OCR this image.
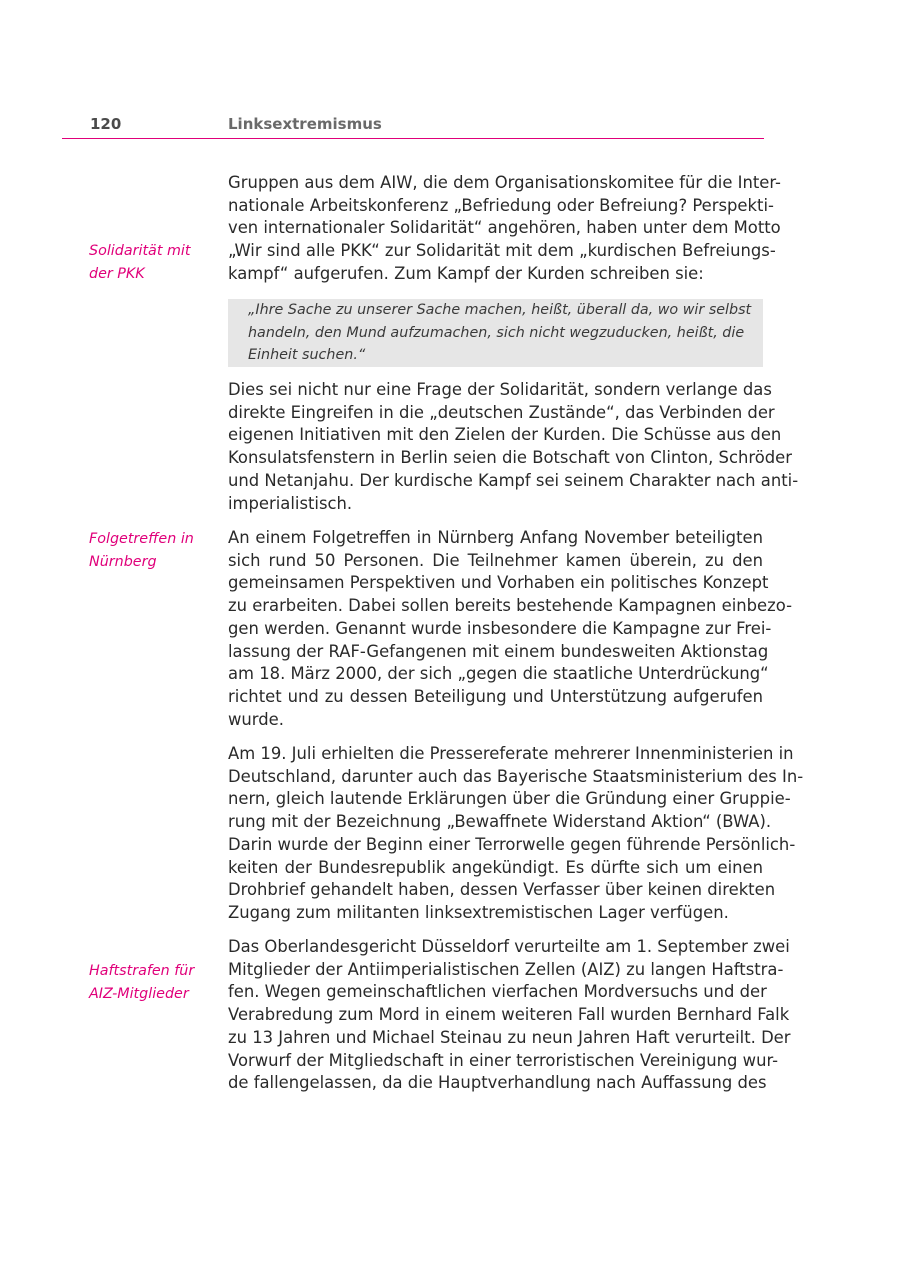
120	Linksextremismus

Gruppen aus dem AIW, die dem Organisationskomitee für die Inter-
nationale Arbeitskonferenz „Befriedung oder Befreiung? Perspekti-
ven internationaler Solidarität“ angehören, haben unter dem Motto
„Wir sind alle PKK“ zur Solidarität mit dem „kurdischen Befreiungs-
kampf“ aufgerufen. Zum Kampf der Kurden schreiben sie:

Solidarität mit
der PKK

„Ihre Sache zu unserer Sache machen, heißt, überall da, wo wir selbst
handeln, den Mund aufzumachen, sich nicht wegzuducken, heißt, die
Einheit suchen.“

Dies sei nicht nur eine Frage der Solidarität, sondern verlange das
direkte Eingreifen in die „deutschen Zustände“, das Verbinden der
eigenen Initiativen mit den Zielen der Kurden. Die Schüsse aus den
Konsulatsfenstern in Berlin seien die Botschaft von Clinton, Schröder
und Netanjahu. Der kurdische Kampf sei seinem Charakter nach anti-
imperialistisch.

Folgetreffen in
Nürnberg

An einem Folgetreffen in Nürnberg Anfang November beteiligten
sich rund 50 Personen. Die Teilnehmer kamen überein, zu den
gemeinsamen Perspektiven und Vorhaben ein politisches Konzept
zu erarbeiten. Dabei sollen bereits bestehende Kampagnen einbezo-
gen werden. Genannt wurde insbesondere die Kampagne zur Frei-
lassung der RAF-Gefangenen mit einem bundesweiten Aktionstag
am 18. März 2000, der sich „gegen die staatliche Unterdrückung“
richtet und zu dessen Beteiligung und Unterstützung aufgerufen
wurde.

Am 19. Juli erhielten die Pressereferate mehrerer Innenministerien in
Deutschland, darunter auch das Bayerische Staatsministerium des In-
nern, gleich lautende Erklärungen über die Gründung einer Gruppie-
rung mit der Bezeichnung „Bewaffnete Widerstand Aktion“ (BWA).
Darin wurde der Beginn einer Terrorwelle gegen führende Persönlich-
keiten der Bundesrepublik angekündigt. Es dürfte sich um einen
Drohbrief gehandelt haben, dessen Verfasser über keinen direkten
Zugang zum militanten linksextremistischen Lager verfügen.

Haftstrafen für
AIZ-Mitglieder

Das Oberlandesgericht Düsseldorf verurteilte am 1. September zwei
Mitglieder der Antiimperialistischen Zellen (AIZ) zu langen Haftstra-
fen. Wegen gemeinschaftlichen vierfachen Mordversuchs und der
Verabredung zum Mord in einem weiteren Fall wurden Bernhard Falk
zu 13 Jahren und Michael Steinau zu neun Jahren Haft verurteilt. Der
Vorwurf der Mitgliedschaft in einer terroristischen Vereinigung wur-
de fallengelassen, da die Hauptverhandlung nach Auffassung des
